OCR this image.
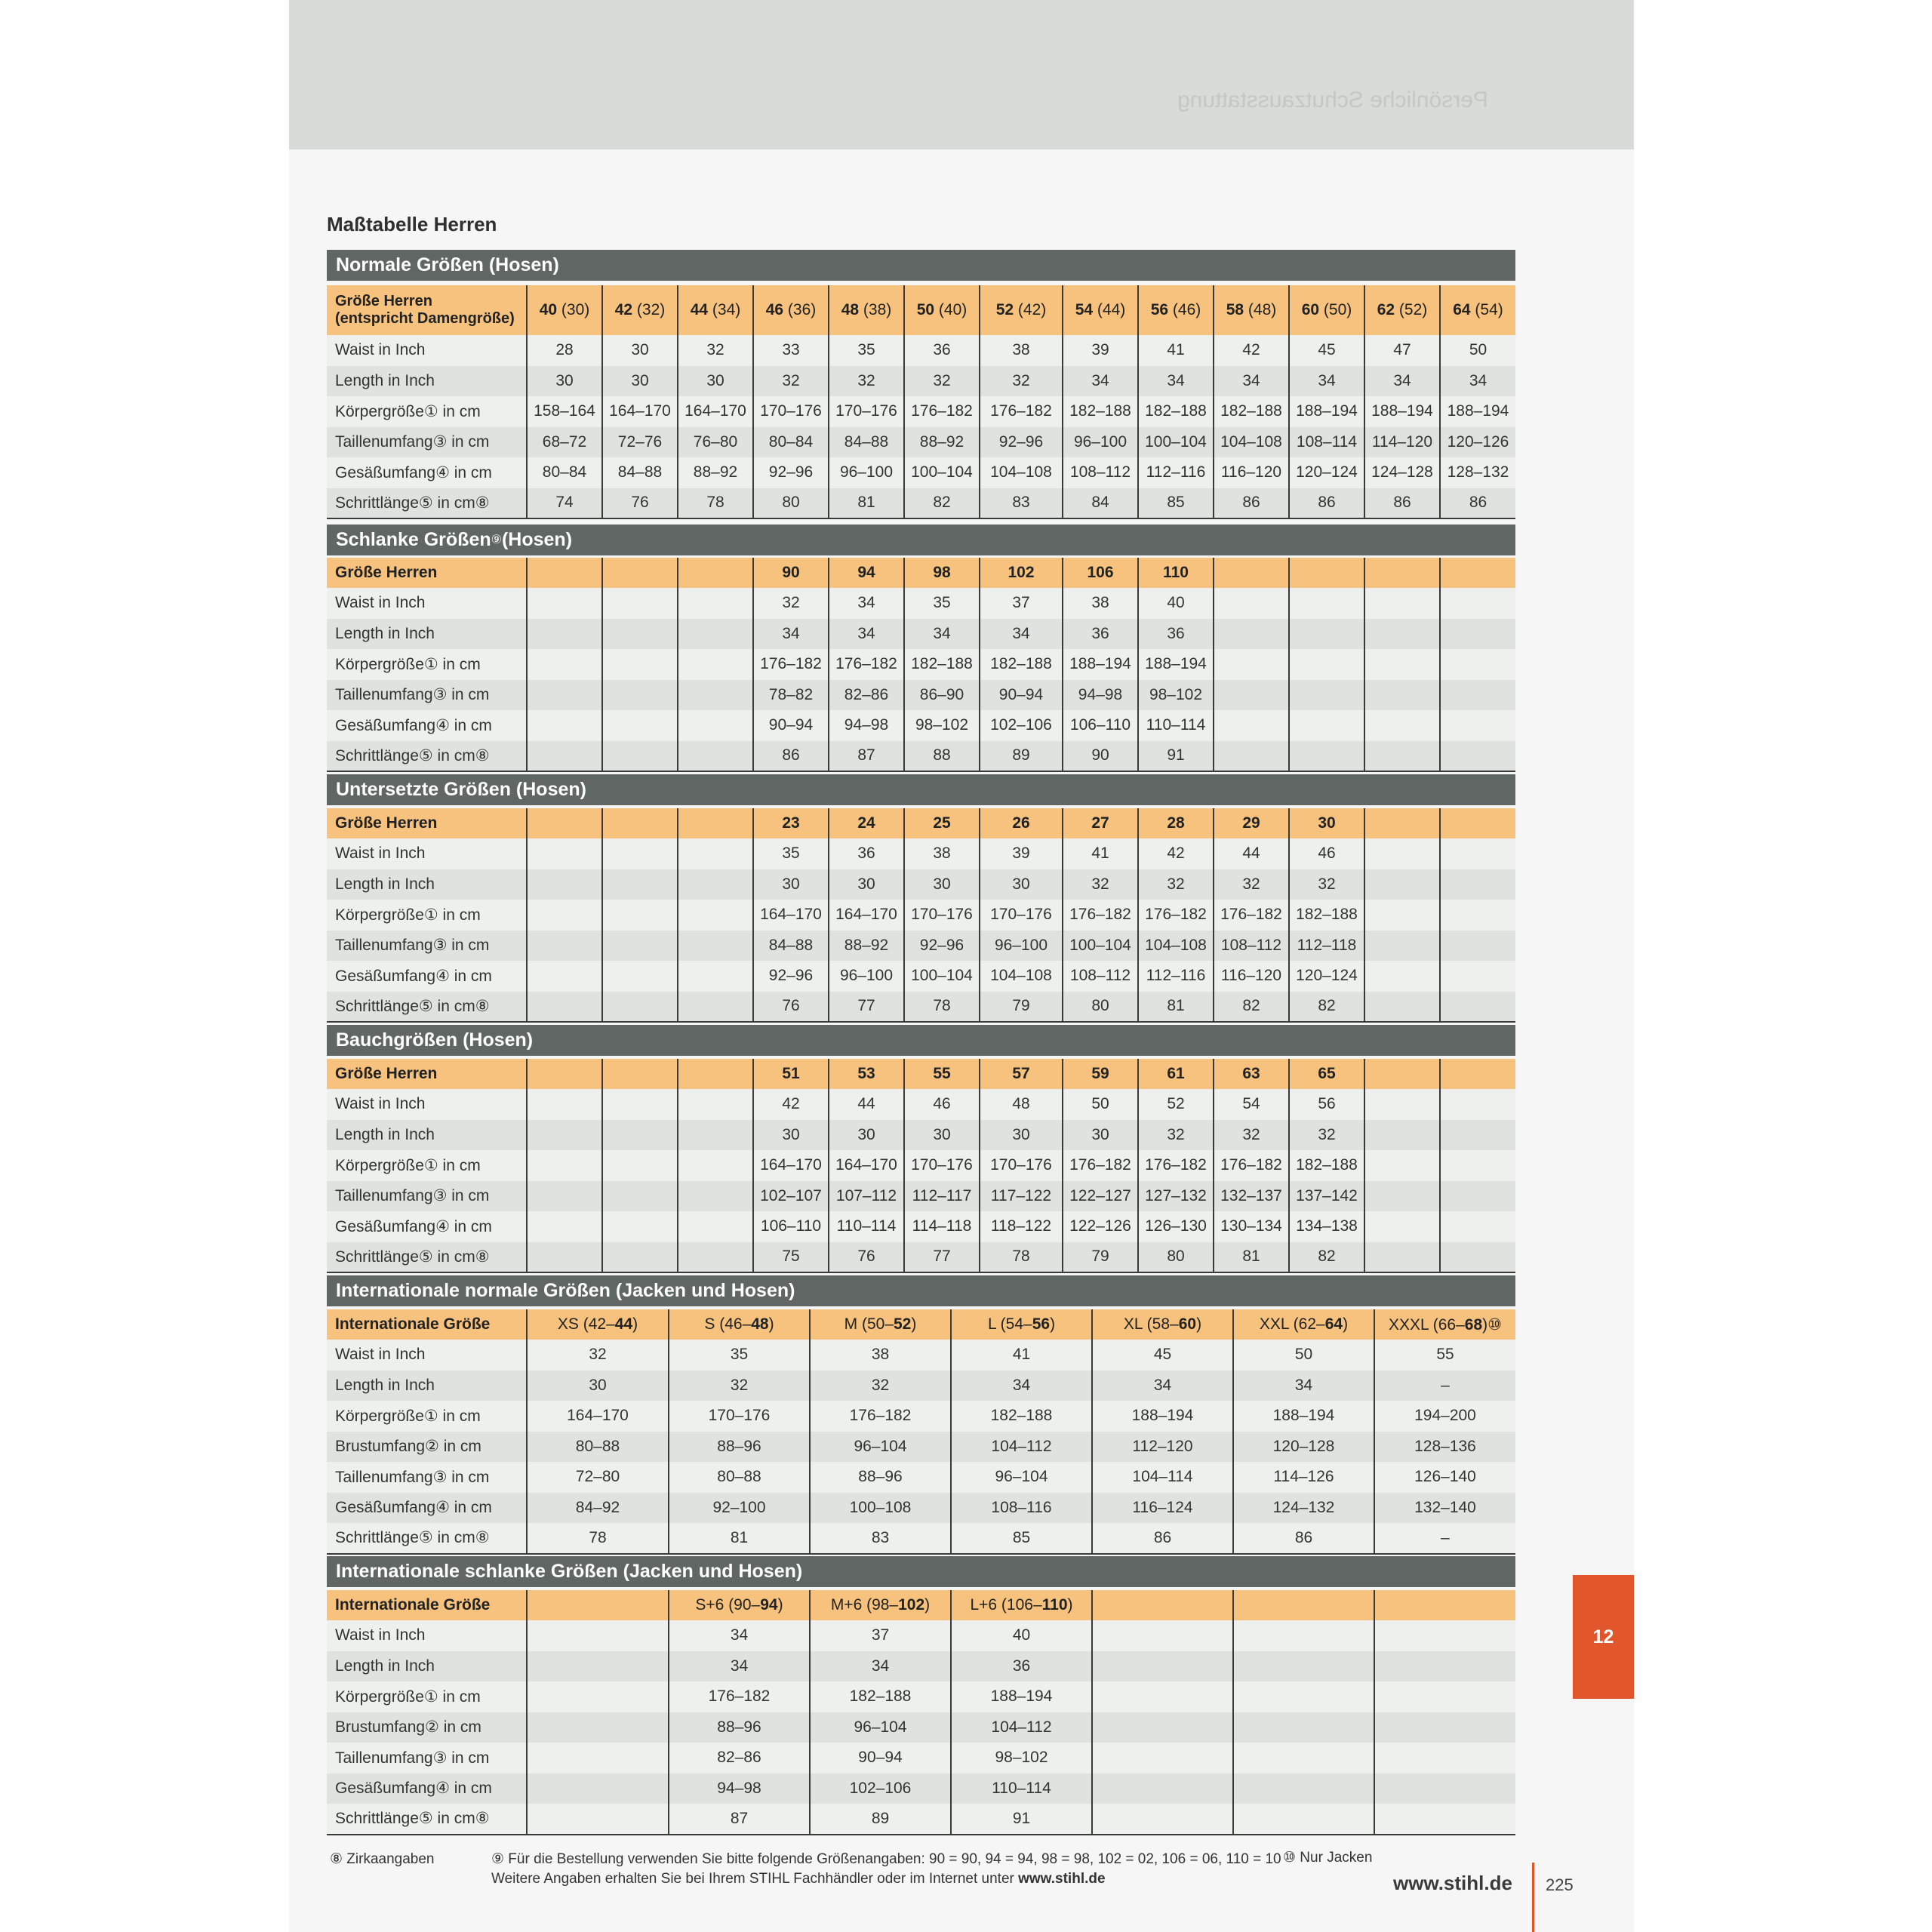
Persönliche Schutzausstattung
Maßtabelle Herren
Normale Größen (Hosen)
Größe Herren
(entspricht Damengröße)	40 (30)	42 (32)	44 (34)	46 (36)	48 (38)	50 (40)	52 (42)	54 (44)	56 (46)	58 (48)	60 (50)	62 (52)	64 (54)
Waist in Inch	28	30	32	33	35	36	38	39	41	42	45	47	50
Length in Inch	30	30	30	32	32	32	32	34	34	34	34	34	34
Körpergröße① in cm	158–164	164–170	164–170	170–176	170–176	176–182	176–182	182–188	182–188	182–188	188–194	188–194	188–194
Taillenumfang③ in cm	68–72	72–76	76–80	80–84	84–88	88–92	92–96	96–100	100–104	104–108	108–114	114–120	120–126
Gesäßumfang④ in cm	80–84	84–88	88–92	92–96	96–100	100–104	104–108	108–112	112–116	116–120	120–124	124–128	128–132
Schrittlänge⑤ in cm⑧	74	76	78	80	81	82	83	84	85	86	86	86	86
Schlanke Größen ⑨ (Hosen)
Größe Herren				90	94	98	102	106	110				
Waist in Inch				32	34	35	37	38	40				
Length in Inch				34	34	34	34	36	36				
Körpergröße① in cm				176–182	176–182	182–188	182–188	188–194	188–194				
Taillenumfang③ in cm				78–82	82–86	86–90	90–94	94–98	98–102				
Gesäßumfang④ in cm				90–94	94–98	98–102	102–106	106–110	110–114				
Schrittlänge⑤ in cm⑧				86	87	88	89	90	91				
Untersetzte Größen (Hosen)
Größe Herren				23	24	25	26	27	28	29	30		
Waist in Inch				35	36	38	39	41	42	44	46		
Length in Inch				30	30	30	30	32	32	32	32		
Körpergröße① in cm				164–170	164–170	170–176	170–176	176–182	176–182	176–182	182–188		
Taillenumfang③ in cm				84–88	88–92	92–96	96–100	100–104	104–108	108–112	112–118		
Gesäßumfang④ in cm				92–96	96–100	100–104	104–108	108–112	112–116	116–120	120–124		
Schrittlänge⑤ in cm⑧				76	77	78	79	80	81	82	82		
Bauchgrößen (Hosen)
Größe Herren				51	53	55	57	59	61	63	65		
Waist in Inch				42	44	46	48	50	52	54	56		
Length in Inch				30	30	30	30	30	32	32	32		
Körpergröße① in cm				164–170	164–170	170–176	170–176	176–182	176–182	176–182	182–188		
Taillenumfang③ in cm				102–107	107–112	112–117	117–122	122–127	127–132	132–137	137–142		
Gesäßumfang④ in cm				106–110	110–114	114–118	118–122	122–126	126–130	130–134	134–138		
Schrittlänge⑤ in cm⑧				75	76	77	78	79	80	81	82		
Internationale normale Größen (Jacken und Hosen)
Internationale Größe	XS (42–44)	S (46–48)	M (50–52)	L (54–56)	XL (58–60)	XXL (62–64)	XXXL (66–68)⑩
Waist in Inch	32	35	38	41	45	50	55
Length in Inch	30	32	32	34	34	34	–
Körpergröße① in cm	164–170	170–176	176–182	182–188	188–194	188–194	194–200
Brustumfang② in cm	80–88	88–96	96–104	104–112	112–120	120–128	128–136
Taillenumfang③ in cm	72–80	80–88	88–96	96–104	104–114	114–126	126–140
Gesäßumfang④ in cm	84–92	92–100	100–108	108–116	116–124	124–132	132–140
Schrittlänge⑤ in cm⑧	78	81	83	85	86	86	–
Internationale schlanke Größen (Jacken und Hosen)
Internationale Größe		S+6 (90–94)	M+6 (98–102)	L+6 (106–110)			
Waist in Inch		34	37	40			
Length in Inch		34	34	36			
Körpergröße① in cm		176–182	182–188	188–194			
Brustumfang② in cm		88–96	96–104	104–112			
Taillenumfang③ in cm		82–86	90–94	98–102			
Gesäßumfang④ in cm		94–98	102–106	110–114			
Schrittlänge⑤ in cm⑧		87	89	91			
12
⑧ Zirkaangaben	⑨ Für die Bestellung verwenden Sie bitte folgende Größenangaben: 90 = 90, 94 = 94, 98 = 98, 102 = 02, 106 = 06, 110 = 10
Weitere Angaben erhalten Sie bei Ihrem STIHL Fachhändler oder im Internet unter www.stihl.de
⑩ Nur Jacken
www.stihl.de 225
